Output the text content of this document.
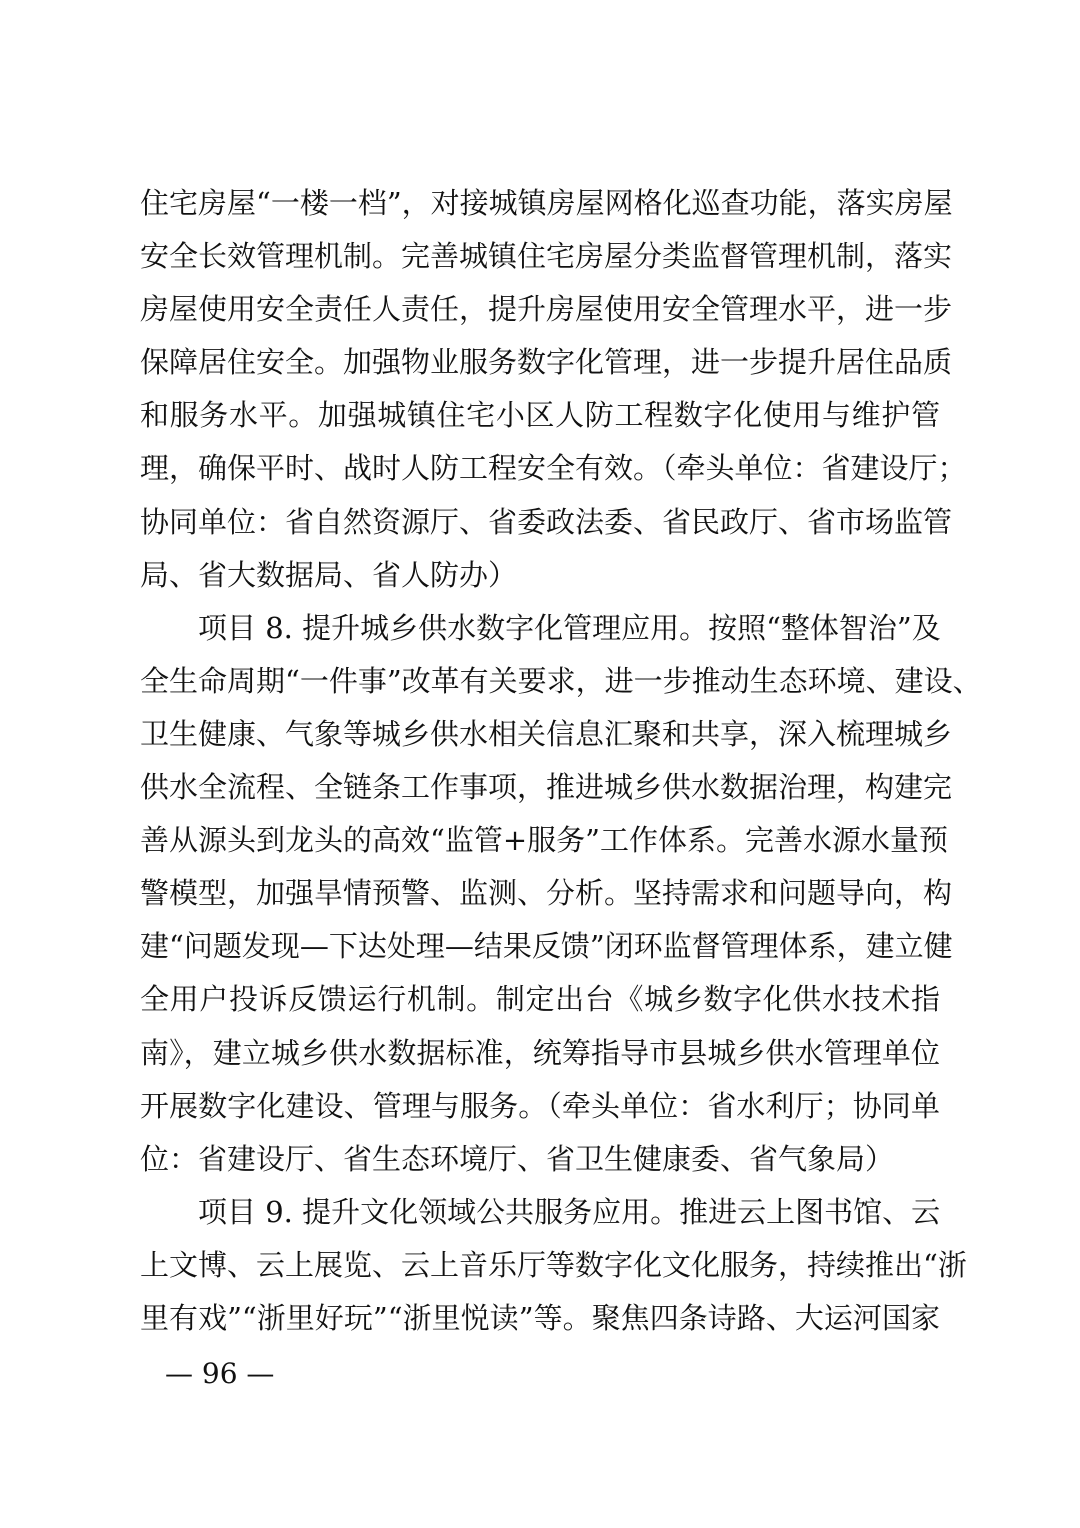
住宅房屋“一楼一档”，对接城镇房屋网格化巡查功能，落实房屋
安全长效管理机制。完善城镇住宅房屋分类监督管理机制，落实
房屋使用安全责任人责任，提升房屋使用安全管理水平，进一步
保障居住安全。加强物业服务数字化管理，进一步提升居住品质
和服务水平。加强城镇住宅小区人防工程数字化使用与维护管
理，确保平时、战时人防工程安全有效。（牵头单位：省建设厅；
协同单位：省自然资源厅、省委政法委、省民政厅、省市场监管
局、省大数据局、省人防办）
项目 8. 提升城乡供水数字化管理应用。按照“整体智治”及
全生命周期“一件事”改革有关要求，进一步推动生态环境、建设、
卫生健康、气象等城乡供水相关信息汇聚和共享，深入梳理城乡
供水全流程、全链条工作事项，推进城乡供水数据治理，构建完
善从源头到龙头的高效“监管+服务”工作体系。完善水源水量预
警模型，加强旱情预警、监测、分析。坚持需求和问题导向，构
建“问题发现—下达处理—结果反馈”闭环监督管理体系，建立健
全用户投诉反馈运行机制。制定出台《城乡数字化供水技术指
南》，建立城乡供水数据标准，统筹指导市县城乡供水管理单位
开展数字化建设、管理与服务。（牵头单位：省水利厅；协同单
位：省建设厅、省生态环境厅、省卫生健康委、省气象局）
项目 9. 提升文化领域公共服务应用。推进云上图书馆、云
上文博、云上展览、云上音乐厅等数字化文化服务，持续推出“浙
里有戏”“浙里好玩”“浙里悦读”等。聚焦四条诗路、大运河国家
— 96 —
